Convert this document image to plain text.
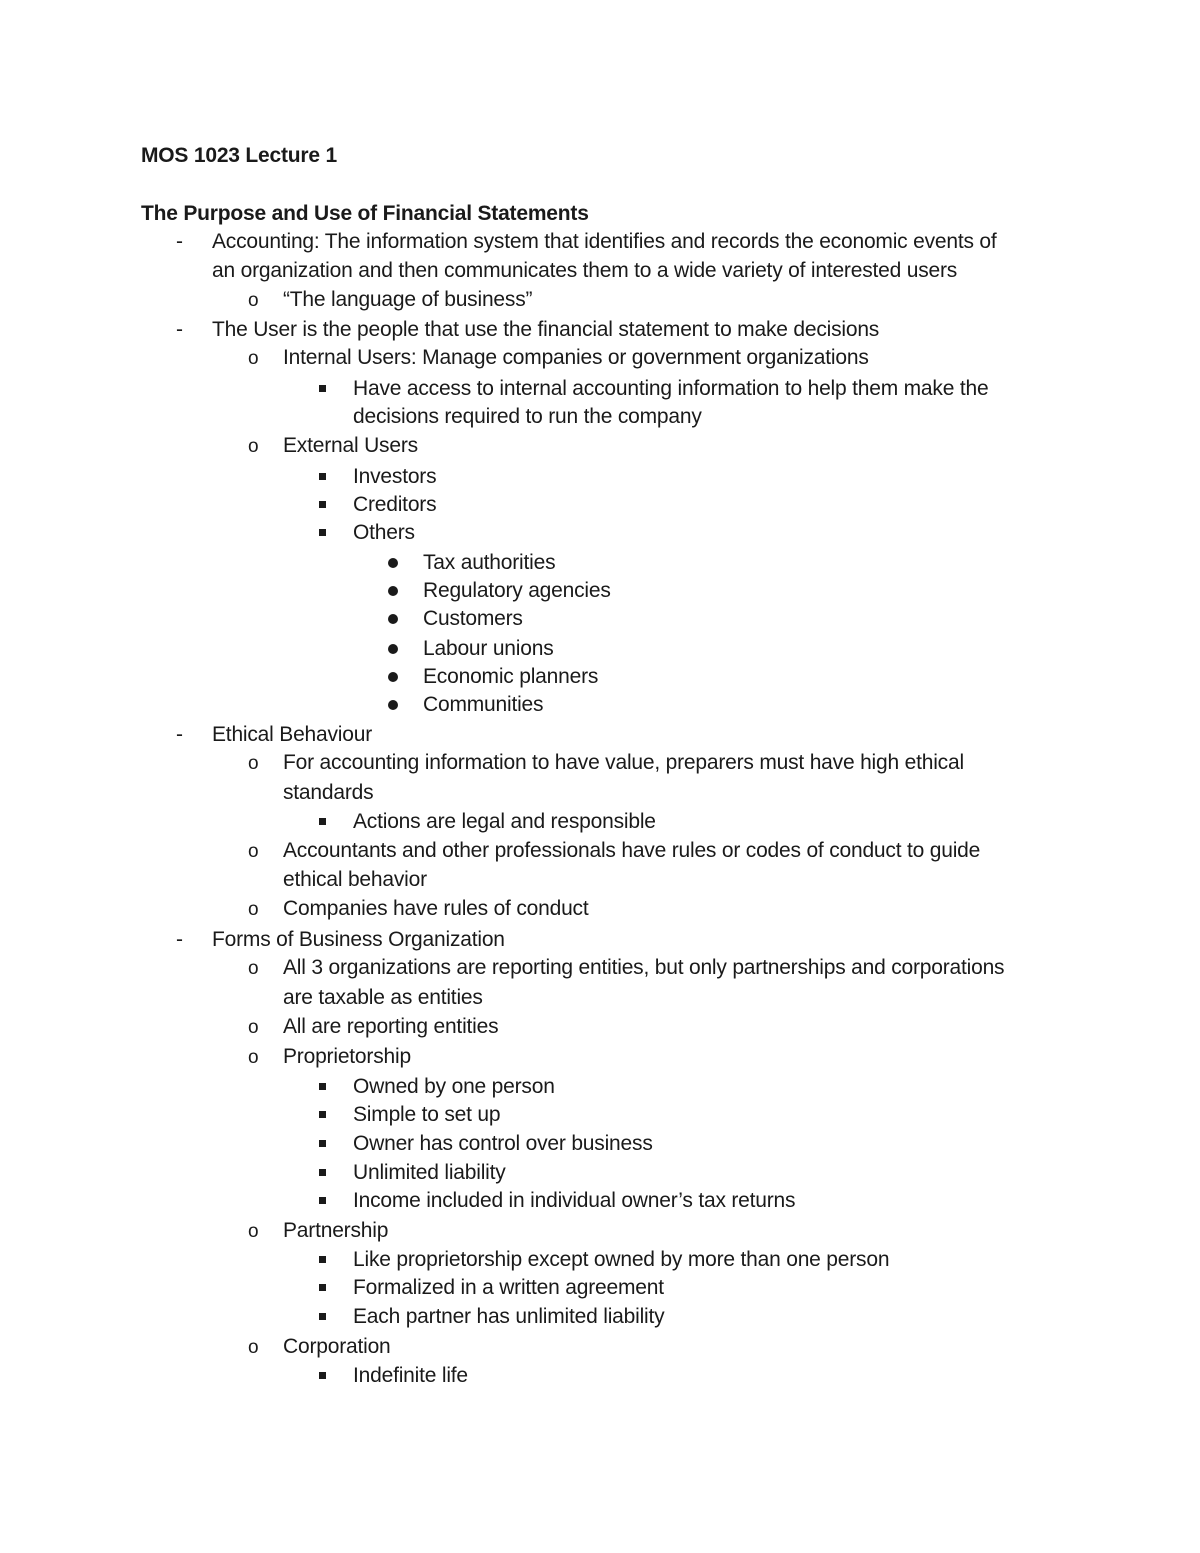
MOS 1023 Lecture 1
The Purpose and Use of Financial Statements
Accounting: The information system that identifies and records the economic events of
-
an organization and then communicates them to a wide variety of interested users
“The language of business”
o
The User is the people that use the financial statement to make decisions
-
Internal Users: Manage companies or government organizations
o
Have access to internal accounting information to help them make the
decisions required to run the company
External Users
o
Investors
Creditors
Others
Tax authorities
Regulatory agencies
Customers
Labour unions
Economic planners
Communities
Ethical Behaviour
-
For accounting information to have value, preparers must have high ethical
o
standards
Actions are legal and responsible
Accountants and other professionals have rules or codes of conduct to guide
o
ethical behavior
Companies have rules of conduct
o
Forms of Business Organization
-
All 3 organizations are reporting entities, but only partnerships and corporations
o
are taxable as entities
All are reporting entities
o
Proprietorship
o
Owned by one person
Simple to set up
Owner has control over business
Unlimited liability
Income included in individual owner’s tax returns
Partnership
o
Like proprietorship except owned by more than one person
Formalized in a written agreement
Each partner has unlimited liability
Corporation
o
Indefinite life
